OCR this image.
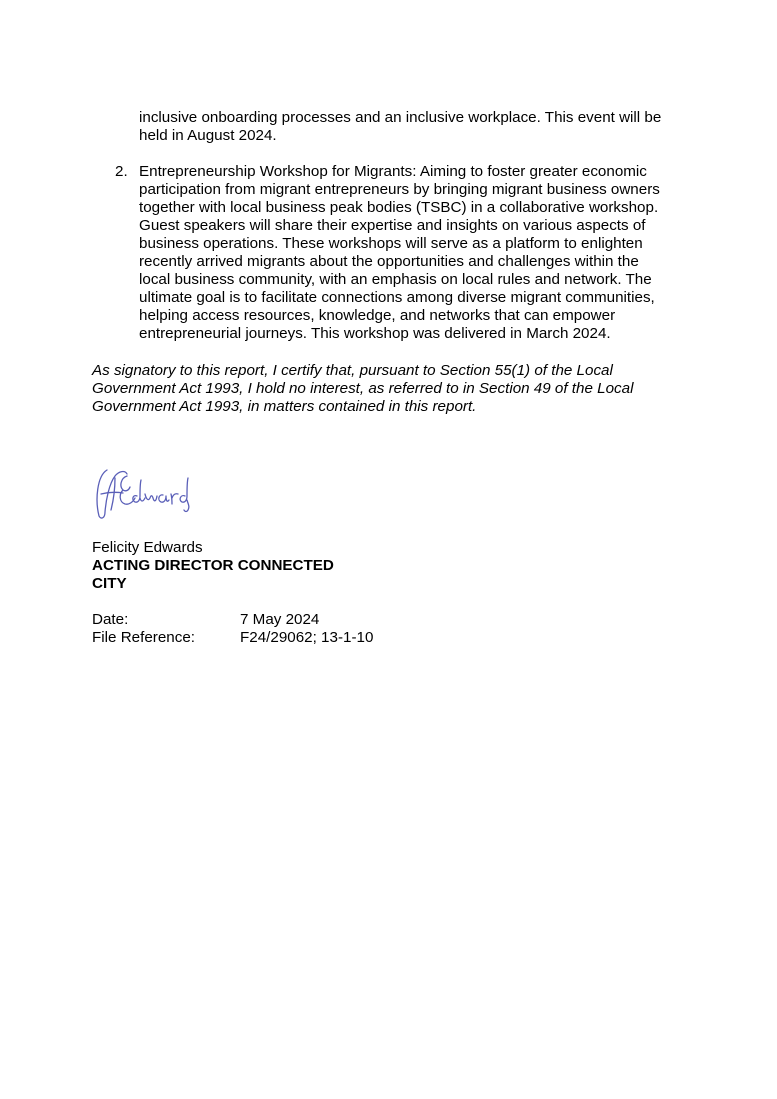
inclusive onboarding processes and an inclusive workplace. This event will be
held in August 2024.
2. Entrepreneurship Workshop for Migrants: Aiming to foster greater economic
participation from migrant entrepreneurs by bringing migrant business owners
together with local business peak bodies (TSBC) in a collaborative workshop.
Guest speakers will share their expertise and insights on various aspects of
business operations. These workshops will serve as a platform to enlighten
recently arrived migrants about the opportunities and challenges within the
local business community, with an emphasis on local rules and network. The
ultimate goal is to facilitate connections among diverse migrant communities,
helping access resources, knowledge, and networks that can empower
entrepreneurial journeys. This workshop was delivered in March 2024.
As signatory to this report, I certify that, pursuant to Section 55(1) of the Local
Government Act 1993, I hold no interest, as referred to in Section 49 of the Local
Government Act 1993, in matters contained in this report.
Felicity Edwards
ACTING DIRECTOR CONNECTED
CITY
Date:	7 May 2024
File Reference:	F24/29062; 13-1-10
